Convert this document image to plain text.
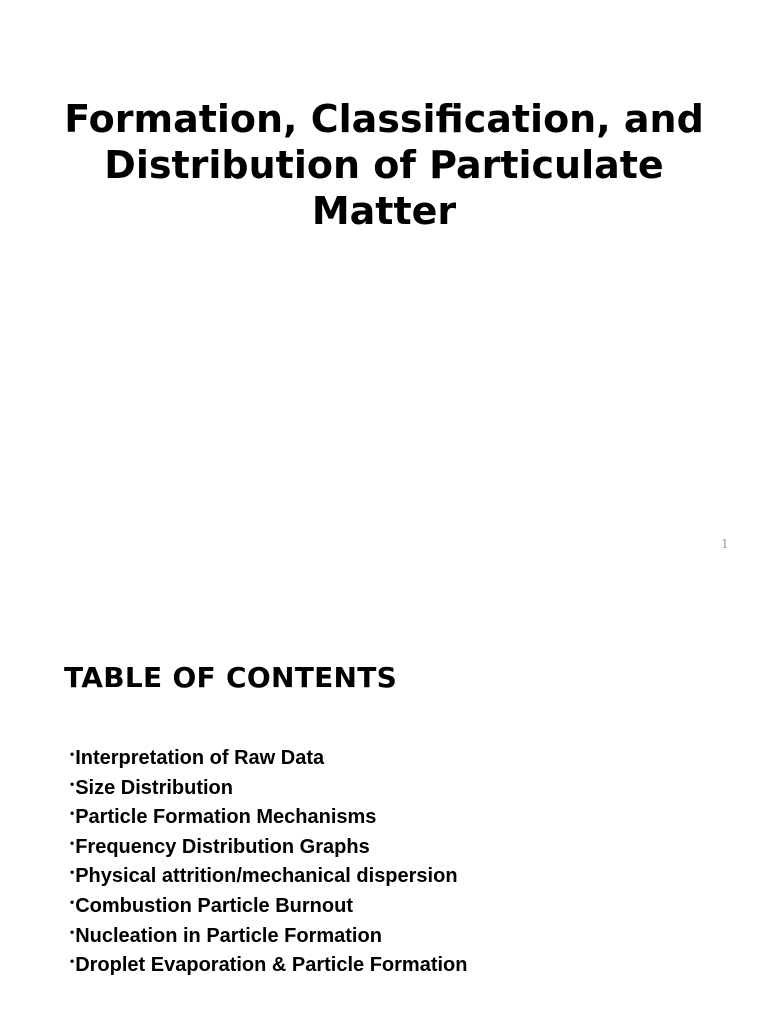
Formation, Classification, and
Distribution of Particulate
Matter
1
TABLE OF CONTENTS
•Interpretation of Raw Data
•Size Distribution
•Particle Formation Mechanisms
•Frequency Distribution Graphs
•Physical attrition/mechanical dispersion
•Combustion Particle Burnout
•Nucleation in Particle Formation
•Droplet Evaporation & Particle Formation
